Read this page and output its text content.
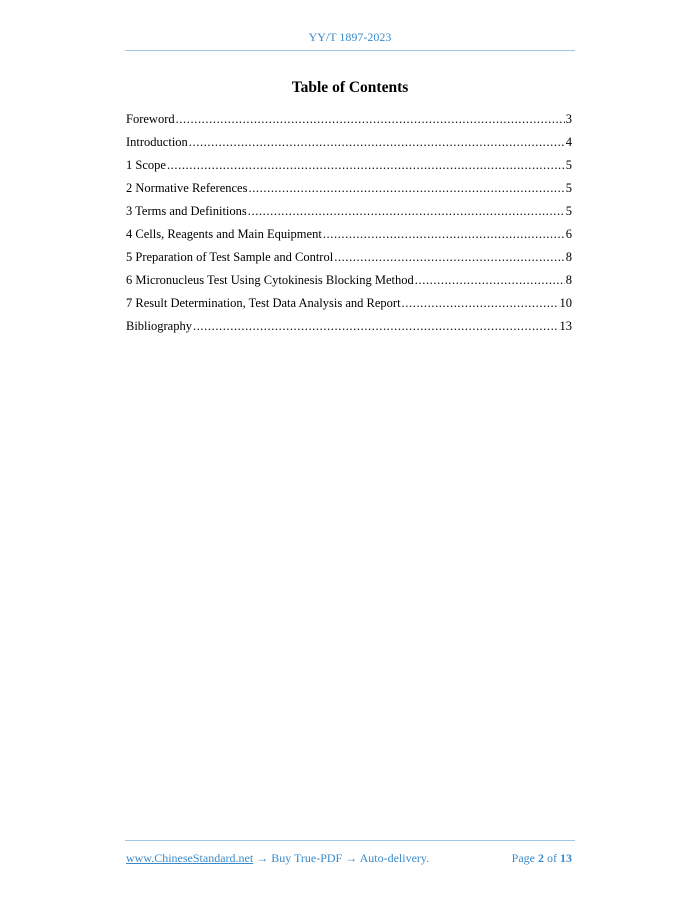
YY/T 1897-2023
Table of Contents
Foreword .....	3
Introduction .....	4
1 Scope .....	5
2 Normative References .....	5
3 Terms and Definitions .....	5
4 Cells, Reagents and Main Equipment .....	6
5 Preparation of Test Sample and Control .....	8
6 Micronucleus Test Using Cytokinesis Blocking Method .....	8
7 Result Determination, Test Data Analysis and Report .....	10
Bibliography .....	13
www.ChineseStandard.net → Buy True-PDF → Auto-delivery.	Page 2 of 13
